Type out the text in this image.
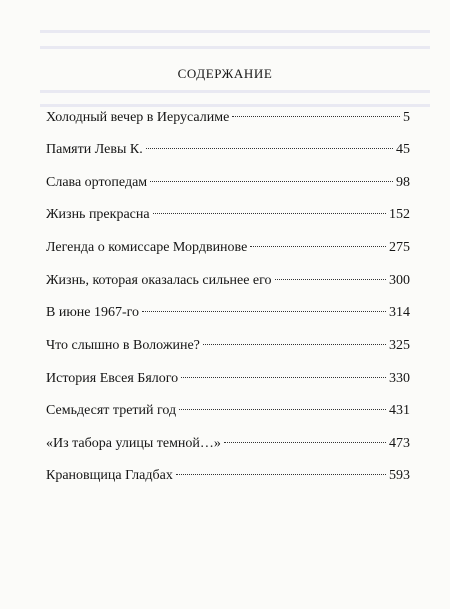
СОДЕРЖАНИЕ
Холодный вечер в Иерусалиме	5
Памяти Левы К.	45
Слава ортопедам	98
Жизнь прекрасна	152
Легенда о комиссаре Мордвинове	275
Жизнь, которая оказалась сильнее его	300
В июне 1967-го	314
Что слышно в Воложине?	325
История Евсея Бялого	330
Семьдесят третий год	431
«Из табора улицы темной…»	473
Крановщица Гладбах	593
